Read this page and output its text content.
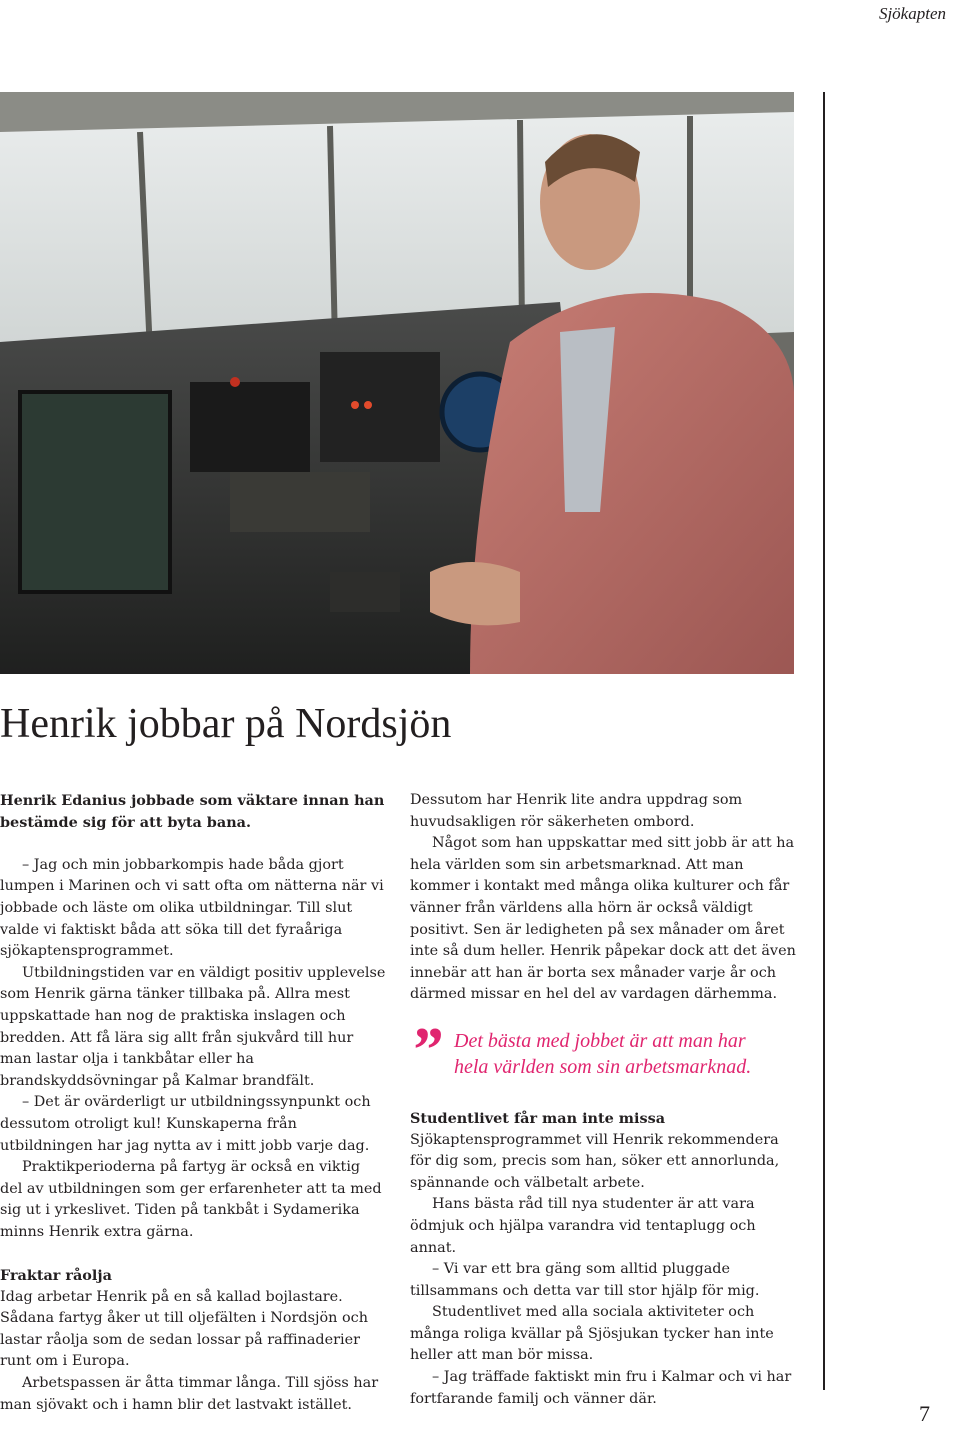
Sjökapten
Henrik jobbar på Nordsjön

Henrik Edanius jobbade som väktare innan han bestämde sig för att byta bana.

– Jag och min jobbarkompis hade båda gjort lumpen i Marinen och vi satt ofta om nätterna när vi jobbade och läste om olika utbildningar. Till slut valde vi faktiskt båda att söka till det fyraåriga sjökaptensprogrammet.

Utbildningstiden var en väldigt positiv upplevelse som Henrik gärna tänker tillbaka på. Allra mest uppskattade han nog de praktiska inslagen och bredden. Att få lära sig allt från sjukvård till hur man lastar olja i tankbåtar eller ha brandskyddsövningar på Kalmar brandfält.

– Det är ovärderligt ur utbildningssynpunkt och dessutom otroligt kul! Kunskaperna från utbildningen har jag nytta av i mitt jobb varje dag.

Praktikperioderna på fartyg är också en viktig del av utbildningen som ger erfarenheter att ta med sig ut i yrkeslivet. Tiden på tankbåt i Sydamerika minns Henrik extra gärna.

Fraktar råolja

Idag arbetar Henrik på en så kallad bojlastare. Sådana fartyg åker ut till oljefälten i Nordsjön och lastar råolja som de sedan lossar på raffinaderier runt om i Europa.

Arbetspassen är åtta timmar långa. Till sjöss har man sjövakt och i hamn blir det lastvakt istället.

Dessutom har Henrik lite andra uppdrag som huvudsakligen rör säkerheten ombord.

Något som han uppskattar med sitt jobb är att ha hela världen som sin arbetsmarknad. Att man kommer i kontakt med många olika kulturer och får vänner från världens alla hörn är också väldigt positivt. Sen är ledigheten på sex månader om året inte så dum heller. Henrik påpekar dock att det även innebär att han är borta sex månader varje år och därmed missar en hel del av vardagen därhemma.

” Det bästa med jobbet är att man har
hela världen som sin arbetsmarknad.
Studentlivet får man inte missa

Sjökaptensprogrammet vill Henrik rekommendera för dig som, precis som han, söker ett annorlunda, spännande och välbetalt arbete.

Hans bästa råd till nya studenter är att vara ödmjuk och hjälpa varandra vid tentaplugg och annat.

– Vi var ett bra gäng som alltid pluggade tillsammans och detta var till stor hjälp för mig.

Studentlivet med alla sociala aktiviteter och många roliga kvällar på Sjösjukan tycker han inte heller att man bör missa.

– Jag träffade faktiskt min fru i Kalmar och vi har fortfarande familj och vänner där.

7
